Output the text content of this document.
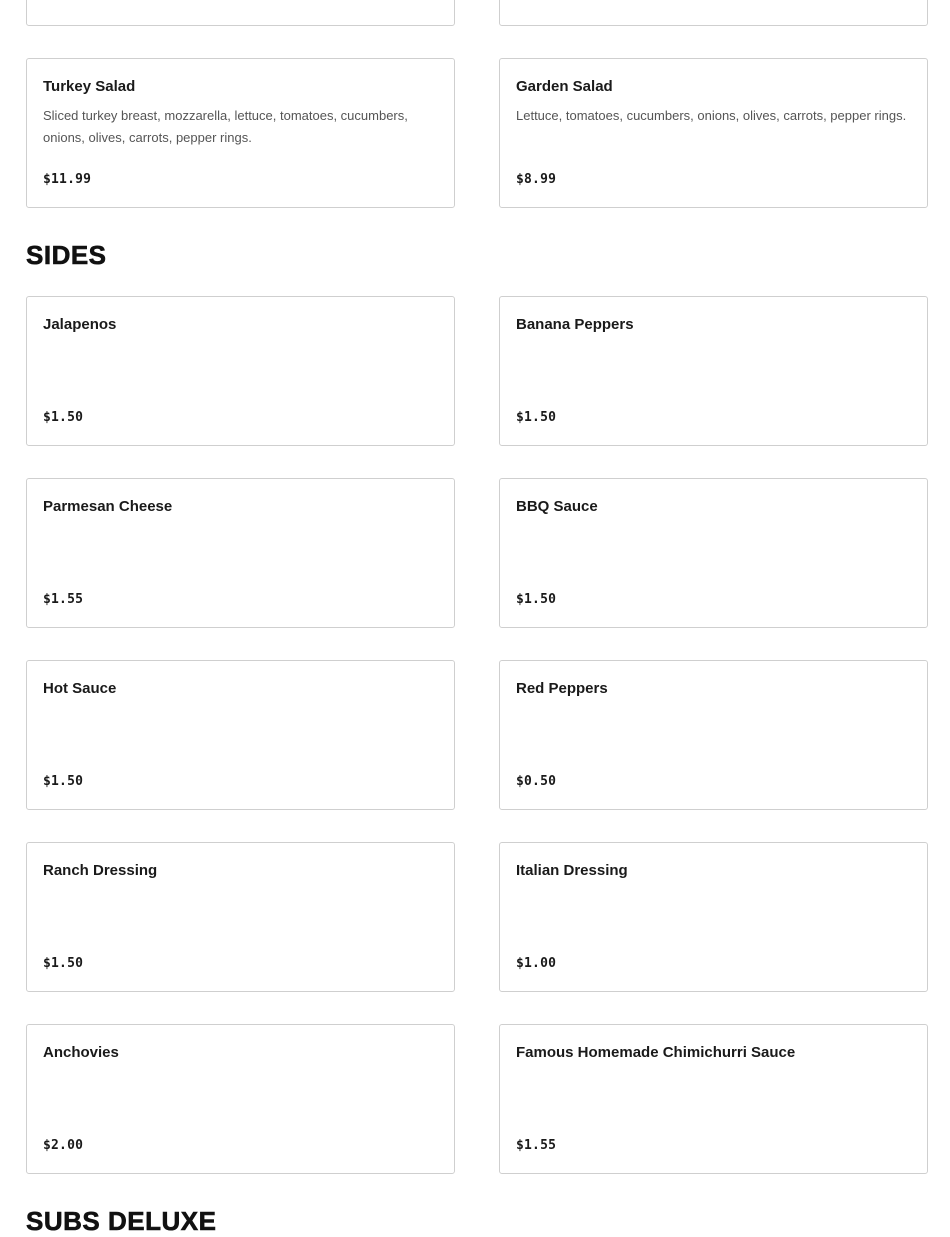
Turkey Salad
Sliced turkey breast, mozzarella, lettuce, tomatoes, cucumbers, onions, olives, carrots, pepper rings.
$11.99
Garden Salad
Lettuce, tomatoes, cucumbers, onions, olives, carrots, pepper rings.
$8.99
SIDES
Jalapenos
$1.50
Banana Peppers
$1.50
Parmesan Cheese
$1.55
BBQ Sauce
$1.50
Hot Sauce
$1.50
Red Peppers
$0.50
Ranch Dressing
$1.50
Italian Dressing
$1.00
Anchovies
$2.00
Famous Homemade Chimichurri Sauce
$1.55
SUBS DELUXE
